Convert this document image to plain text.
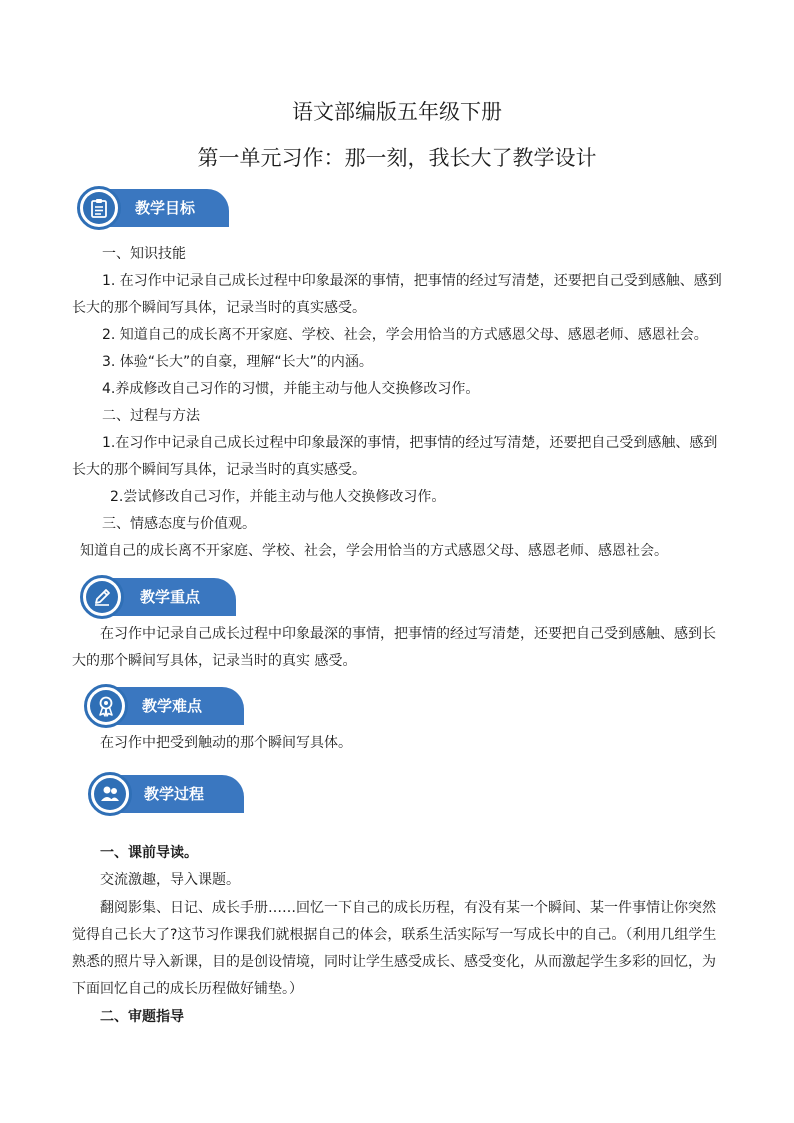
语文部编版五年级下册
第一单元习作：那一刻，我长大了教学设计
教学目标
一、知识技能
1. 在习作中记录自己成长过程中印象最深的事情，把事情的经过写清楚，还要把自己受到感触、感到
长大的那个瞬间写具体，记录当时的真实感受。
2. 知道自己的成长离不开家庭、学校、社会，学会用恰当的方式感恩父母、感恩老师、感恩社会。
3. 体验“长大”的自豪，理解“长大”的内涵。
4.养成修改自己习作的习惯，并能主动与他人交换修改习作。
二、过程与方法
1.在习作中记录自己成长过程中印象最深的事情，把事情的经过写清楚，还要把自己受到感触、感到
长大的那个瞬间写具体，记录当时的真实感受。
2.尝试修改自己习作，并能主动与他人交换修改习作。
三、情感态度与价值观。
知道自己的成长离不开家庭、学校、社会，学会用恰当的方式感恩父母、感恩老师、感恩社会。
教学重点
在习作中记录自己成长过程中印象最深的事情，把事情的经过写清楚，还要把自己受到感触、感到长
大的那个瞬间写具体，记录当时的真实 感受。
教学难点
在习作中把受到触动的那个瞬间写具体。
教学过程
一、课前导读。
交流激趣，导入课题。
翻阅影集、日记、成长手册……回忆一下自己的成长历程，有没有某一个瞬间、某一件事情让你突然
觉得自己长大了?这节习作课我们就根据自己的体会，联系生活实际写一写成长中的自己。（利用几组学生
熟悉的照片导入新课，目的是创设情境，同时让学生感受成长、感受变化，从而激起学生多彩的回忆，为
下面回忆自己的成长历程做好铺垫。）
二、审题指导
